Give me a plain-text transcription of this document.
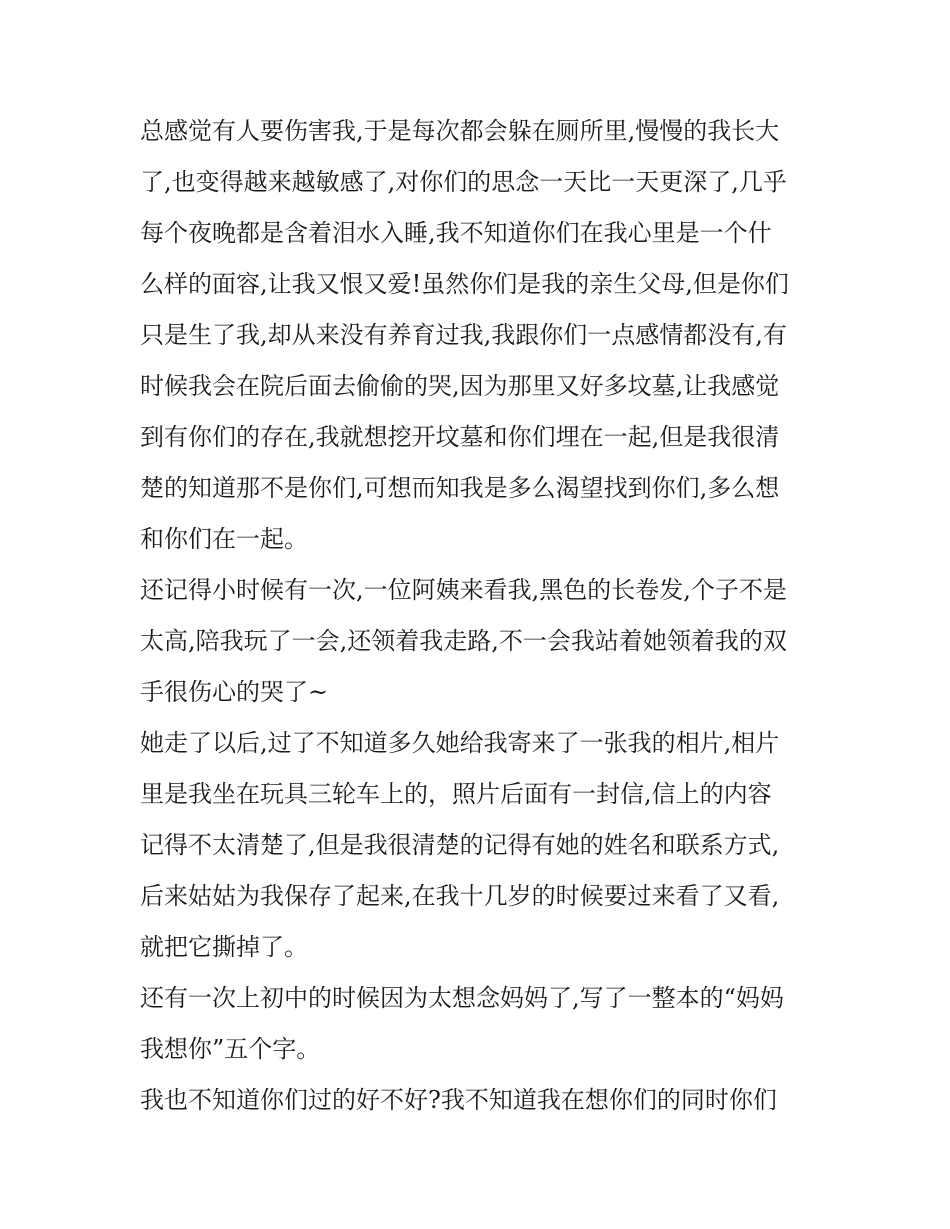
总感觉有人要伤害我,于是每次都会躲在厕所里,慢慢的我长大
了,也变得越来越敏感了,对你们的思念一天比一天更深了,几乎
每个夜晚都是含着泪水入睡,我不知道你们在我心里是一个什
么样的面容,让我又恨又爱!虽然你们是我的亲生父母,但是你们
只是生了我,却从来没有养育过我,我跟你们一点感情都没有,有
时候我会在院后面去偷偷的哭,因为那里又好多坟墓,让我感觉
到有你们的存在,我就想挖开坟墓和你们埋在一起,但是我很清
楚的知道那不是你们,可想而知我是多么渴望找到你们,多么想
和你们在一起。
还记得小时候有一次,一位阿姨来看我,黑色的长卷发,个子不是
太高,陪我玩了一会,还领着我走路,不一会我站着她领着我的双
手很伤心的哭了~
她走了以后,过了不知道多久她给我寄来了一张我的相片,相片
里是我坐在玩具三轮车上的，照片后面有一封信,信上的内容
记得不太清楚了,但是我很清楚的记得有她的姓名和联系方式,
后来姑姑为我保存了起来,在我十几岁的时候要过来看了又看,
就把它撕掉了。
还有一次上初中的时候因为太想念妈妈了,写了一整本的“妈妈
我想你”五个字。
我也不知道你们过的好不好?我不知道我在想你们的同时你们
